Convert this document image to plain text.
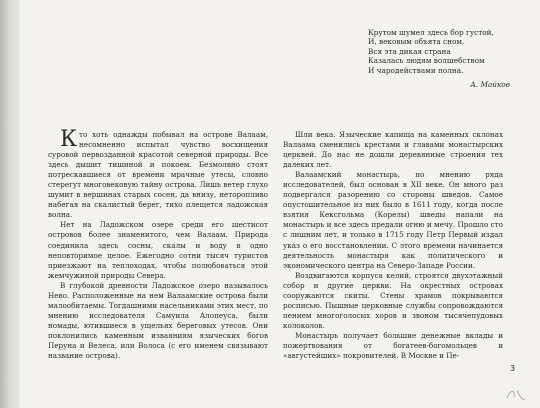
Крутом шумел здесь бор густой,
И, вековым объята сном,
Вся эта дикая страна
Казалась людям волшебством
И чародействами полна.
А. Майков

Кто хоть однажды побывал на острове Валаам, несомненно испытал чувство восхищения суровой первозданной красотой северной природы. Все здесь дышит тишиной и покоем. Безмолвно стоят потрескавшиеся от времени мрачные утесы, словно стерегут многовековую тайну острова. Лишь ветер глухо шумит в вершинах старых сосен, да внизу, неторопливо набегая на скалистый берег, тихо плещется ладожская волна.

Нет на Ладожском озере среди его шестисот островов более знаменитого, чем Валаам. Природа соединила здесь сосны, скалы и воду в одно неповторимое целое. Ежегодно сотни тысяч туристов приезжают на теплоходах, чтобы полюбоваться этой жемчужиной природы Севера.

В глубокой древности Ладожское озеро называлось Нево. Расположенные на нем Валаамские острова были малообитаемы. Тогдашними насельниками этих мест, по мнению исследователя Самуила Алопеуса, были номады, ютившиеся в ущельях береговых утесов. Они поклонились каменным изваяниям языческих богов Перуна и Велеса, или Волоса (с его именем связывают название острова).

Шли века. Языческие капища на каменных склонах Валаама сменились крестами и главами монастырских церквей. До нас не дошли деревянные строения тех далеких лет.

Валаамский монастырь, по мнению ряда исследователей, был основан в XII веке. Он много раз подвергался разорению со стороны шведов. Самое опустошительное из них было в 1611 году, когда после взятия Кексгольма (Корелы) шведы напали на монастырь и все здесь предали огню и мечу. Прошло сто с лишним лет, и только в 1715 году Петр Первый издал указ о его восстановлении. С этого времени начинается деятельность монастыря как политического и экономического центра на Северо-Западе России.

Воздвигаются корпуса келий, строятся двухэтажный собор и другие церкви. На окрестных островах сооружаются скиты. Стены храмов покрываются росписью. Пышные церковные службы сопровождаются пением многоголосых хоров и звоном тысячепудовых колоколов.

Монастырь получает большие денежные вклады и пожертвования от богатеев-богомольцев и «августейших» покровителей. В Москве и Пе-

3
